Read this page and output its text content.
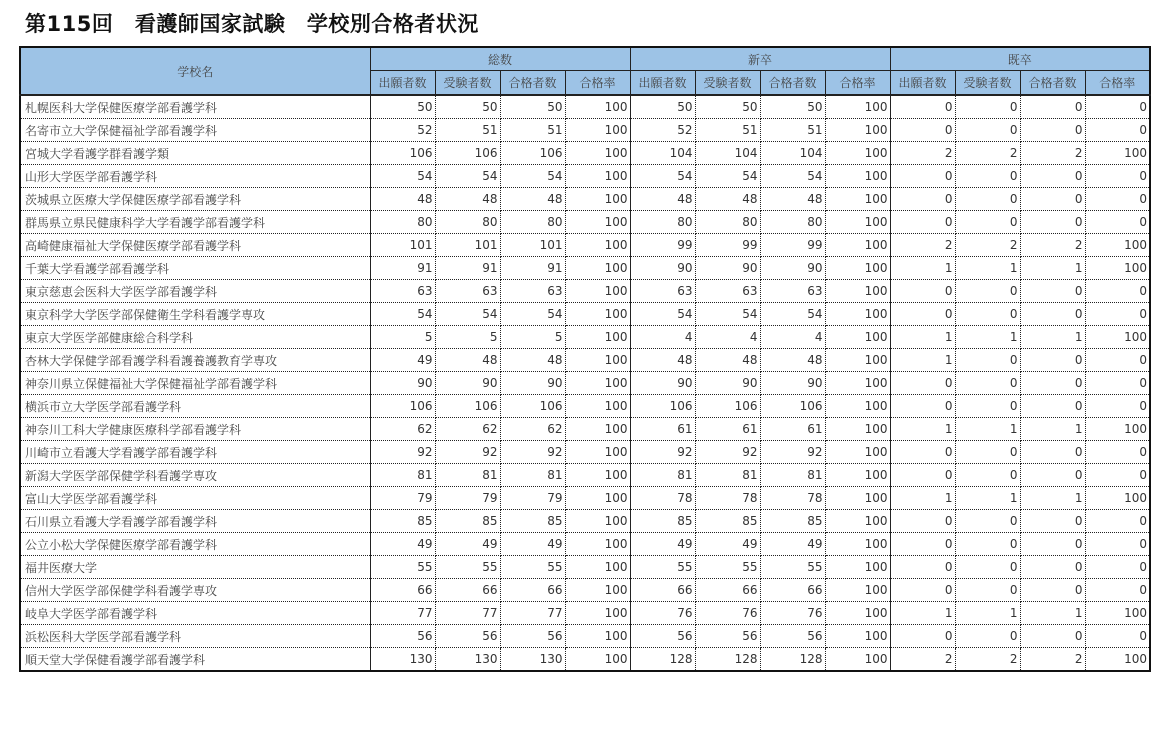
第115回　看護師国家試験　学校別合格者状況
学校名	総数				新卒				既卒			
	出願者数	受験者数	合格者数	合格率	出願者数	受験者数	合格者数	合格率	出願者数	受験者数	合格者数	合格率
札幌医科大学保健医療学部看護学科	50	50	50	100	50	50	50	100	0	0	0	0
名寄市立大学保健福祉学部看護学科	52	51	51	100	52	51	51	100	0	0	0	0
宮城大学看護学群看護学類	106	106	106	100	104	104	104	100	2	2	2	100
山形大学医学部看護学科	54	54	54	100	54	54	54	100	0	0	0	0
茨城県立医療大学保健医療学部看護学科	48	48	48	100	48	48	48	100	0	0	0	0
群馬県立県民健康科学大学看護学部看護学科	80	80	80	100	80	80	80	100	0	0	0	0
高崎健康福祉大学保健医療学部看護学科	101	101	101	100	99	99	99	100	2	2	2	100
千葉大学看護学部看護学科	91	91	91	100	90	90	90	100	1	1	1	100
東京慈恵会医科大学医学部看護学科	63	63	63	100	63	63	63	100	0	0	0	0
東京科学大学医学部保健衛生学科看護学専攻	54	54	54	100	54	54	54	100	0	0	0	0
東京大学医学部健康総合科学科	5	5	5	100	4	4	4	100	1	1	1	100
杏林大学保健学部看護学科看護養護教育学専攻	49	48	48	100	48	48	48	100	1	0	0	0
神奈川県立保健福祉大学保健福祉学部看護学科	90	90	90	100	90	90	90	100	0	0	0	0
横浜市立大学医学部看護学科	106	106	106	100	106	106	106	100	0	0	0	0
神奈川工科大学健康医療科学部看護学科	62	62	62	100	61	61	61	100	1	1	1	100
川崎市立看護大学看護学部看護学科	92	92	92	100	92	92	92	100	0	0	0	0
新潟大学医学部保健学科看護学専攻	81	81	81	100	81	81	81	100	0	0	0	0
富山大学医学部看護学科	79	79	79	100	78	78	78	100	1	1	1	100
石川県立看護大学看護学部看護学科	85	85	85	100	85	85	85	100	0	0	0	0
公立小松大学保健医療学部看護学科	49	49	49	100	49	49	49	100	0	0	0	0
福井医療大学	55	55	55	100	55	55	55	100	0	0	0	0
信州大学医学部保健学科看護学専攻	66	66	66	100	66	66	66	100	0	0	0	0
岐阜大学医学部看護学科	77	77	77	100	76	76	76	100	1	1	1	100
浜松医科大学医学部看護学科	56	56	56	100	56	56	56	100	0	0	0	0
順天堂大学保健看護学部看護学科	130	130	130	100	128	128	128	100	2	2	2	100
